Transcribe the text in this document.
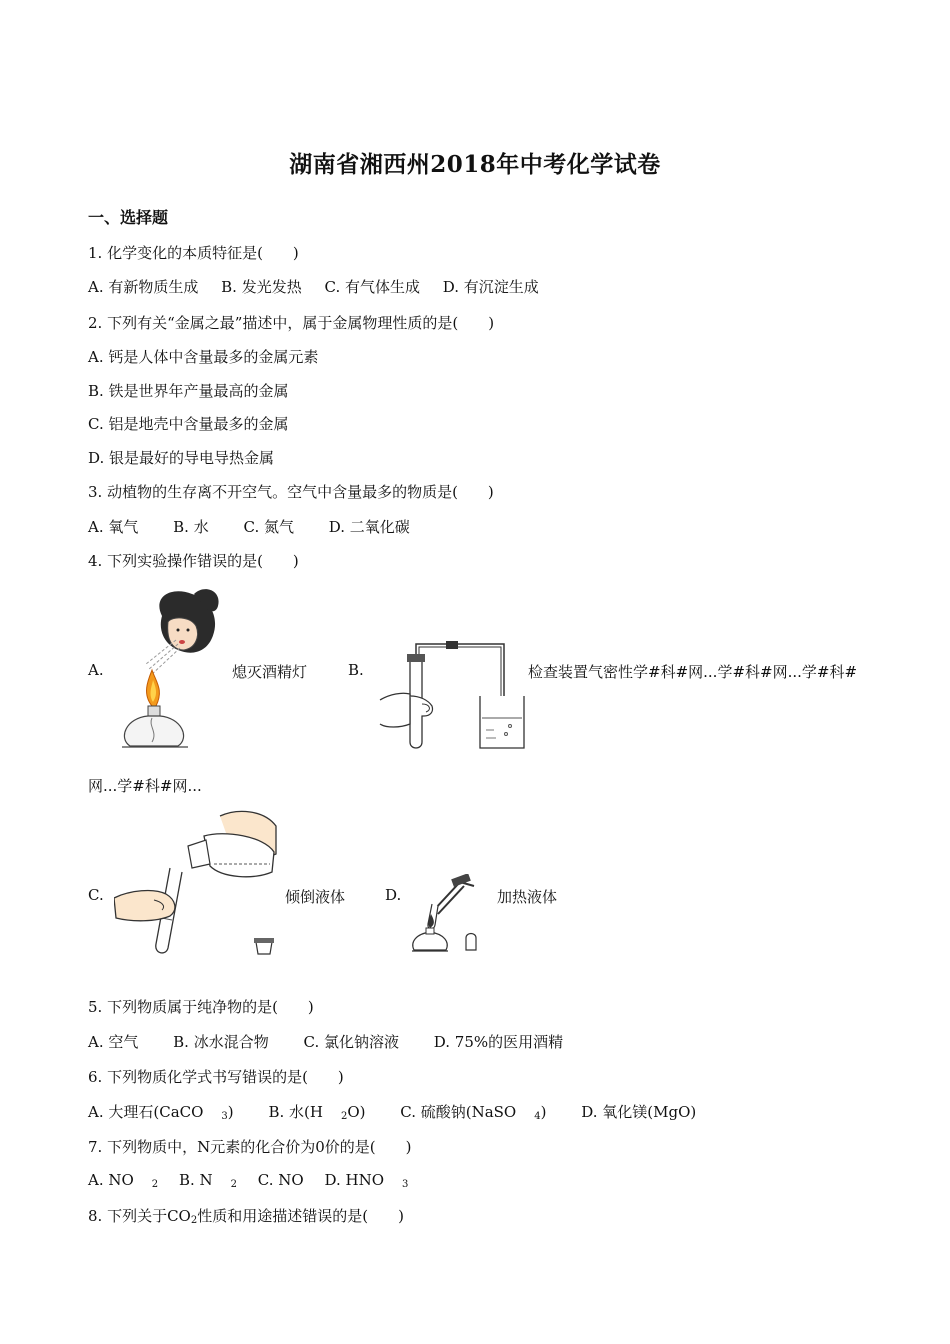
湖南省湘西州2018年中考化学试卷
一、选择题
1. 化学变化的本质特征是(　　)
A. 有新物质生成 B. 发光发热 C. 有气体生成 D. 有沉淀生成
2. 下列有关“金属之最”描述中，属于金属物理性质的是(　　)
A. 钙是人体中含量最多的金属元素
B. 铁是世界年产量最高的金属
C. 铝是地壳中含量最多的金属
D. 银是最好的导电导热金属
3. 动植物的生存离不开空气。空气中含量最多的物质是(　　)
A. 氧气 B. 水 C. 氮气 D. 二氧化碳
4. 下列实验操作错误的是(　　)
A.	熄灭酒精灯	B.	检查装置气密性学#科#网...学#科#网...学#科#
网...学#科#网...
C.	倾倒液体	D.	加热液体
5. 下列物质属于纯净物的是(　　)
A. 空气 B. 冰水混合物 C. 氯化钠溶液 D. 75%的医用酒精
6. 下列物质化学式书写错误的是(　　)
A. 大理石(CaCO $_3$) B. 水(H $_2$O) C. 硫酸钠(NaSO $_4$) D. 氧化镁(MgO)
7. 下列物质中，N元素的化合价为0价的是(　　)
A. NO $_2$ B. N $_2$ C. NO D. HNO $_3$
8. 下列关于$CO_2$性质和用途描述错误的是(　　)
